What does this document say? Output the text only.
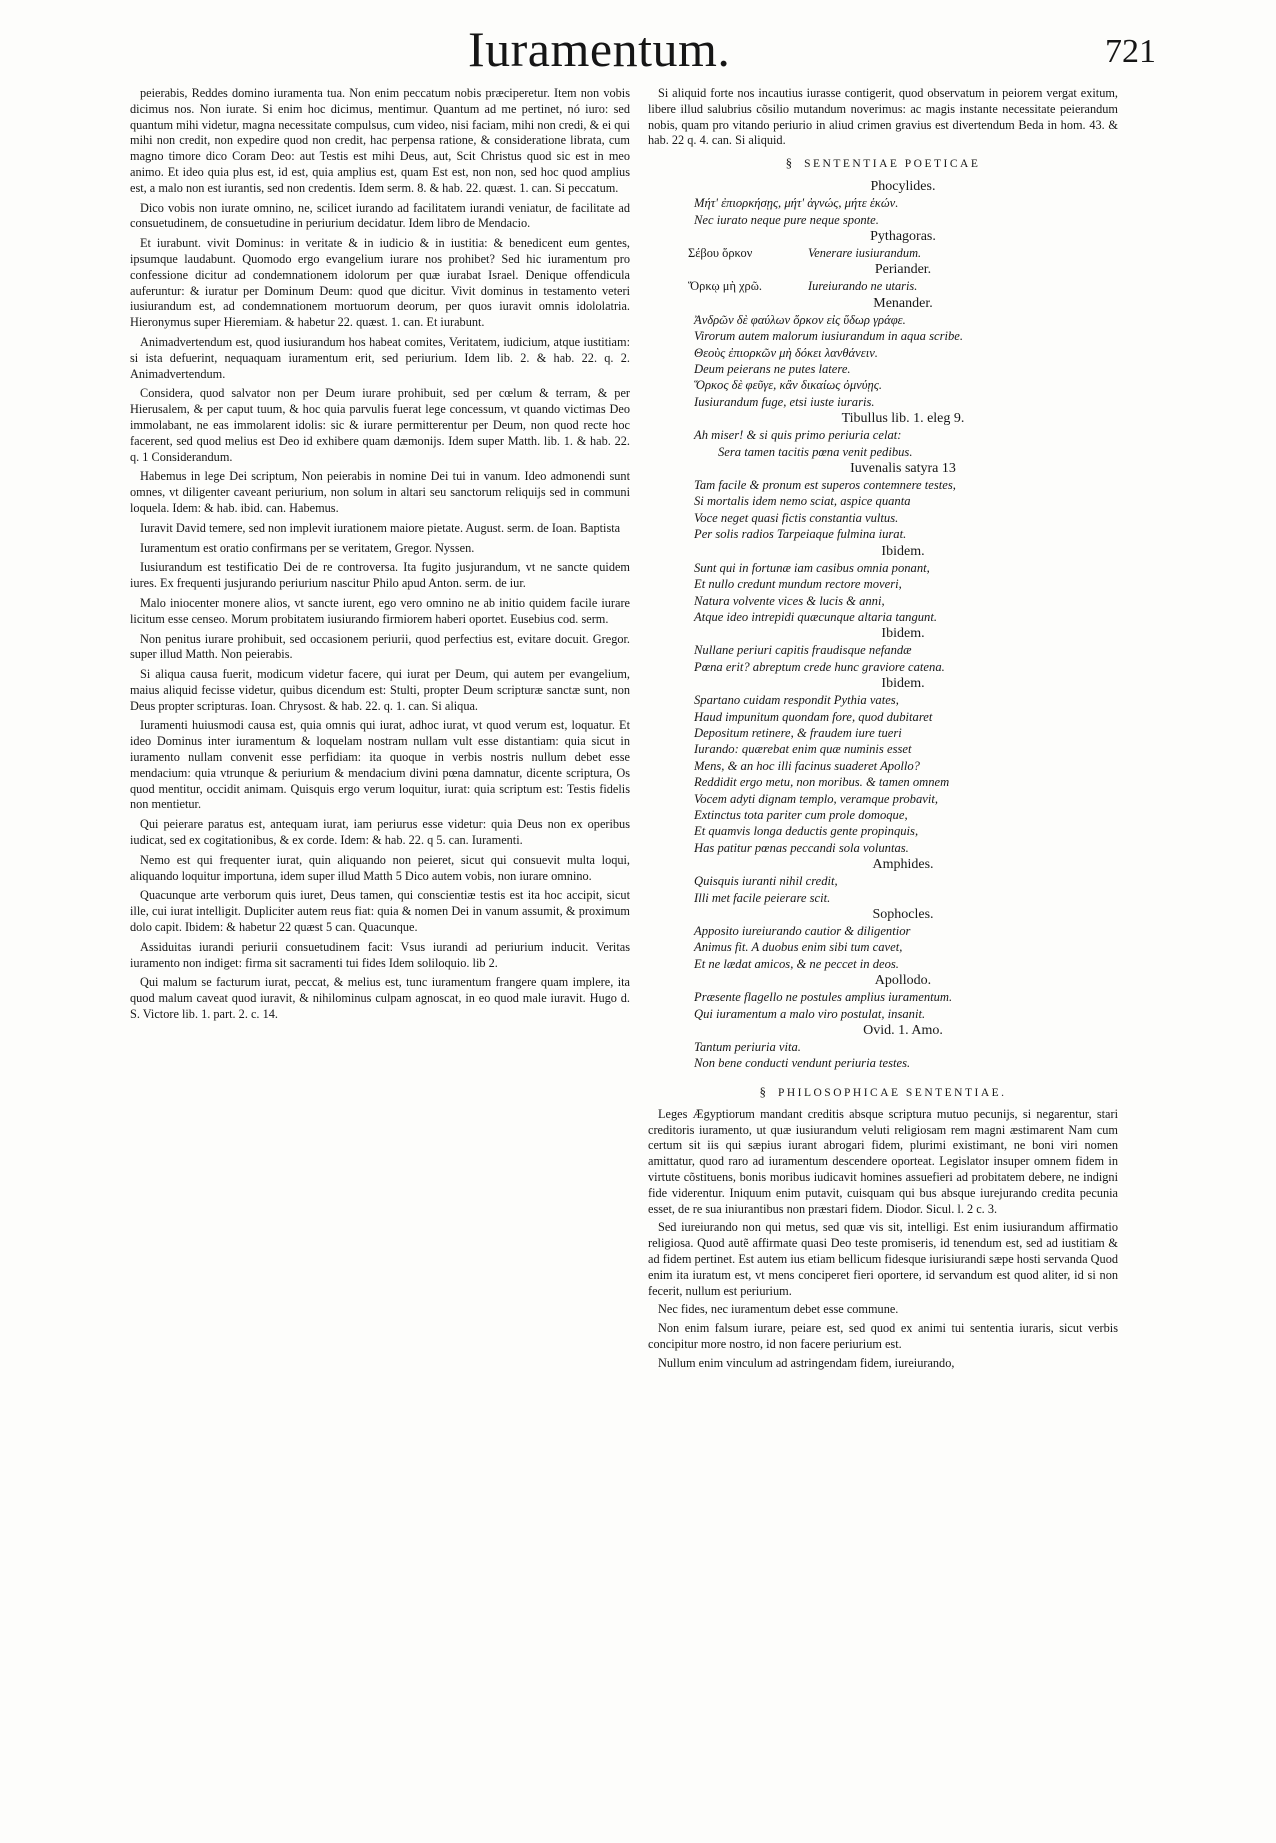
Iuramentum.	721

peierabis, Reddes domino iuramenta tua. Non enim peccatum nobis præciperetur. Item non vobis dicimus nos. Non iurate. Si enim hoc dicimus, mentimur. Quantum ad me pertinet, nó iuro: sed quantum mihi videtur, magna necessitate compulsus, cum video, nisi faciam, mihi non credi, & ei qui mihi non credit, non expedire quod non credit, hac perpensa ratione, & consideratione librata, cum magno timore dico Coram Deo: aut Testis est mihi Deus, aut, Scit Christus quod sic est in meo animo. Et ideo quia plus est, id est, quia amplius est, quam Est est, non non, sed hoc quod amplius est, a malo non est iurantis, sed non credentis. Idem serm. 8. & hab. 22. quæst. 1. can. Si peccatum.

Dico vobis non iurate omnino, ne, scilicet iurando ad facilitatem iurandi veniatur, de facilitate ad consuetudinem, de consuetudine in periurium decidatur. Idem libro de Mendacio.

Et iurabunt. vivit Dominus: in veritate & in iudicio & in iustitia: & benedicent eum gentes, ipsumque laudabunt. Quomodo ergo evangelium iurare nos prohibet? Sed hic iuramentum pro confessione dicitur ad condemnationem idolorum per quæ iurabat Israel. Denique offendicula auferuntur: & iuratur per Dominum Deum: quod que dicitur. Vivit dominus in testamento veteri iusiurandum est, ad condemnationem mortuorum deorum, per quos iuravit omnis idololatria. Hieronymus super Hieremiam. & habetur 22. quæst. 1. can. Et iurabunt.

Animadvertendum est, quod iusiurandum hos habeat comites, Veritatem, iudicium, atque iustitiam: si ista defuerint, nequaquam iuramentum erit, sed periurium. Idem lib. 2. & hab. 22. q. 2. Animadvertendum.

Considera, quod salvator non per Deum iurare prohibuit, sed per cœlum & terram, & per Hierusalem, & per caput tuum, & hoc quia parvulis fuerat lege concessum, vt quando victimas Deo immolabant, ne eas immolarent idolis: sic & iurare permitterentur per Deum, non quod recte hoc facerent, sed quod melius est Deo id exhibere quam dæmonijs. Idem super Matth. lib. 1. & hab. 22. q. 1 Considerandum.

Habemus in lege Dei scriptum, Non peierabis in nomine Dei tui in vanum. Ideo admonendi sunt omnes, vt diligenter caveant periurium, non solum in altari seu sanctorum reliquijs sed in communi loquela. Idem: & hab. ibid. can. Habemus.

Iuravit David temere, sed non implevit iurationem maiore pietate. August. serm. de Ioan. Baptista

Iuramentum est oratio confirmans per se veritatem, Gregor. Nyssen.

Iusiurandum est testificatio Dei de re controversa. Ita fugito jusjurandum, vt ne sancte quidem iures. Ex frequenti jusjurando periurium nascitur Philo apud Anton. serm. de iur.

Malo iniocenter monere alios, vt sancte iurent, ego vero omnino ne ab initio quidem facile iurare licitum esse censeo. Morum probitatem iusiurando firmiorem haberi oportet. Eusebius cod. serm.

Non penitus iurare prohibuit, sed occasionem periurii, quod perfectius est, evitare docuit. Gregor. super illud Matth. Non peierabis.

Si aliqua causa fuerit, modicum videtur facere, qui iurat per Deum, qui autem per evangelium, maius aliquid fecisse videtur, quibus dicendum est: Stulti, propter Deum scripturæ sanctæ sunt, non Deus propter scripturas. Ioan. Chrysost. & hab. 22. q. 1. can. Si aliqua.

Iuramenti huiusmodi causa est, quia omnis qui iurat, adhoc iurat, vt quod verum est, loquatur. Et ideo Dominus inter iuramentum & loquelam nostram nullam vult esse distantiam: quia sicut in iuramento nullam convenit esse perfidiam: ita quoque in verbis nostris nullum debet esse mendacium: quia vtrunque & periurium & mendacium divini pœna damnatur, dicente scriptura, Os quod mentitur, occidit animam. Quisquis ergo verum loquitur, iurat: quia scriptum est: Testis fidelis non mentietur.

Qui peierare paratus est, antequam iurat, iam periurus esse videtur: quia Deus non ex operibus iudicat, sed ex cogitationibus, & ex corde. Idem: & hab. 22. q 5. can. Iuramenti.

Nemo est qui frequenter iurat, quin aliquando non peieret, sicut qui consuevit multa loqui, aliquando loquitur importuna, idem super illud Matth 5 Dico autem vobis, non iurare omnino.

Quacunque arte verborum quis iuret, Deus tamen, qui conscientiæ testis est ita hoc accipit, sicut ille, cui iurat intelligit. Dupliciter autem reus fiat: quia & nomen Dei in vanum assumit, & proximum dolo capit. Ibidem: & habetur 22 quæst 5 can. Quacunque.

Assiduitas iurandi periurii consuetudinem facit: Vsus iurandi ad periurium inducit. Veritas iuramento non indiget: firma sit sacramenti tui fides Idem soliloquio. lib 2.

Qui malum se facturum iurat, peccat, & melius est, tunc iuramentum frangere quam implere, ita quod malum caveat quod iuravit, & nihilominus culpam agnoscat, in eo quod male iuravit. Hugo d. S. Victore lib. 1. part. 2. c. 14.

Si aliquid forte nos incautius iurasse contigerit, quod observatum in peiorem vergat exitum, libere illud salubrius cõsilio mutandum noverimus: ac magis instante necessitate peierandum nobis, quam pro vitando periurio in aliud crimen gravius est divertendum Beda in hom. 43. & hab. 22 q. 4. can. Si aliquid.

§ SENTENTIAE POETICAE
Phocylides.
Μήτ' ἐπιορκήσῃς, μήτ' ἀγνώς, μήτε ἑκών.
Nec iurato neque pure neque sponte.
Pythagoras.
Σέβου ὅρκον	Venerare iusiurandum.
Periander.
Ὅρκῳ μὴ χρῶ.	Iureiurando ne utaris.
Menander.
Ἀνδρῶν δὲ φαύλων ὅρκον εἰς ὕδωρ γράφε.
Virorum autem malorum iusiurandum in aqua scribe.
Θεοὺς ἐπιορκῶν μὴ δόκει λανθάνειν.
Deum peierans ne putes latere.
Ὅρκος δὲ φεῦγε, κἂν δικαίως ὀμνύῃς.
Iusiurandum fuge, etsi iuste iuraris.
Tibullus lib. 1. eleg 9.
Ah miser! & si quis primo periuria celat:
Sera tamen tacitis pœna venit pedibus.
Iuvenalis satyra 13
Tam facile & pronum est superos contemnere testes,
Si mortalis idem nemo sciat, aspice quanta
Voce neget quasi fictis constantia vultus.
Per solis radios Tarpeiaque fulmina iurat.
Ibidem.
Sunt qui in fortunæ iam casibus omnia ponant,
Et nullo credunt mundum rectore moveri,
Natura volvente vices & lucis & anni,
Atque ideo intrepidi quæcunque altaria tangunt.
Ibidem.
Nullane periuri capitis fraudisque nefandæ
Pœna erit? abreptum crede hunc graviore catena.
Ibidem.
Spartano cuidam respondit Pythia vates,
Haud impunitum quondam fore, quod dubitaret
Depositum retinere, & fraudem iure tueri
Iurando: quærebat enim quæ numinis esset
Mens, & an hoc illi facinus suaderet Apollo?
Reddidit ergo metu, non moribus. & tamen omnem
Vocem adyti dignam templo, veramque probavit,
Extinctus tota pariter cum prole domoque,
Et quamvis longa deductis gente propinquis,
Has patitur pœnas peccandi sola voluntas.
Amphides.
Quisquis iuranti nihil credit,
Illi met facile peierare scit.
Sophocles.
Apposito iureiurando cautior & diligentior
Animus fit. A duobus enim sibi tum cavet,
Et ne lædat amicos, & ne peccet in deos.
Apollodo.
Præsente flagello ne postules amplius iuramentum.
Qui iuramentum a malo viro postulat, insanit.
Ovid. 1. Amo.
Tantum periuria vita.
Non bene conducti vendunt periuria testes.
§ PHILOSOPHICAE SENTENTIAE.

Leges Ægyptiorum mandant creditis absque scriptura mutuo pecunijs, si negarentur, stari creditoris iuramento, ut quæ iusiurandum veluti religiosam rem magni æstimarent Nam cum certum sit iis qui sæpius iurant abrogari fidem, plurimi existimant, ne boni viri nomen amittatur, quod raro ad iuramentum descendere oporteat. Legislator insuper omnem fidem in virtute cõstituens, bonis moribus iudicavit homines assuefieri ad probitatem debere, ne indigni fide viderentur. Iniquum enim putavit, cuisquam qui bus absque iurejurando credita pecunia esset, de re sua iniurantibus non præstari fidem. Diodor. Sicul. l. 2 c. 3.

Sed iureiurando non qui metus, sed quæ vis sit, intelligi. Est enim iusiurandum affirmatio religiosa. Quod autẽ affirmate quasi Deo teste promiseris, id tenendum est, sed ad iustitiam & ad fidem pertinet. Est autem ius etiam bellicum fidesque iurisiurandi sæpe hosti servanda Quod enim ita iuratum est, vt mens conciperet fieri oportere, id servandum est quod aliter, id si non fecerit, nullum est periurium.

Nec fides, nec iuramentum debet esse commune.

Non enim falsum iurare, peiare est, sed quod ex animi tui sententia iuraris, sicut verbis concipitur more nostro, id non facere periurium est.

Nullum enim vinculum ad astringendam fidem, iureiurando,
